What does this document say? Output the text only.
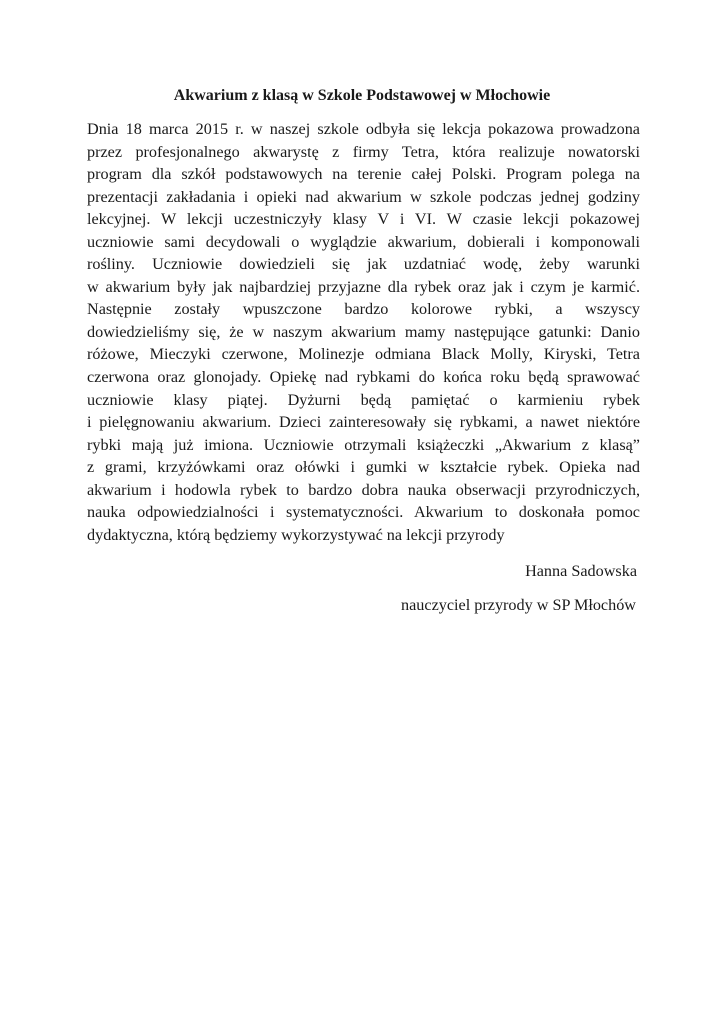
Akwarium z klasą w Szkole Podstawowej w Młochowie
Dnia 18 marca 2015 r. w naszej szkole odbyła się lekcja pokazowa prowadzona
przez profesjonalnego akwarystę z firmy Tetra, która realizuje nowatorski
program dla szkół podstawowych na terenie całej Polski. Program polega na
prezentacji zakładania i opieki nad akwarium w szkole podczas jednej godziny
lekcyjnej. W lekcji uczestniczyły klasy V i VI. W czasie lekcji pokazowej
uczniowie sami decydowali o wyglądzie akwarium, dobierali i komponowali
rośliny. Uczniowie dowiedzieli się jak uzdatniać wodę, żeby warunki
w akwarium były jak najbardziej przyjazne dla rybek oraz jak i czym je karmić.
Następnie zostały wpuszczone bardzo kolorowe rybki, a wszyscy
dowiedzieliśmy się, że w naszym akwarium mamy następujące gatunki: Danio
różowe, Mieczyki czerwone, Molinezje odmiana Black Molly, Kiryski, Tetra
czerwona oraz glonojady. Opiekę nad rybkami do końca roku będą sprawować
uczniowie klasy piątej. Dyżurni będą pamiętać o karmieniu rybek
i pielęgnowaniu akwarium. Dzieci zainteresowały się rybkami, a nawet niektóre
rybki mają już imiona. Uczniowie otrzymali książeczki „Akwarium z klasą”
z grami, krzyżówkami oraz ołówki i gumki w kształcie rybek. Opieka nad
akwarium i hodowla rybek to bardzo dobra nauka obserwacji przyrodniczych,
nauka odpowiedzialności i systematyczności. Akwarium to doskonała pomoc
dydaktyczna, którą będziemy wykorzystywać na lekcji przyrody
Hanna Sadowska
nauczyciel przyrody w SP Młochów
